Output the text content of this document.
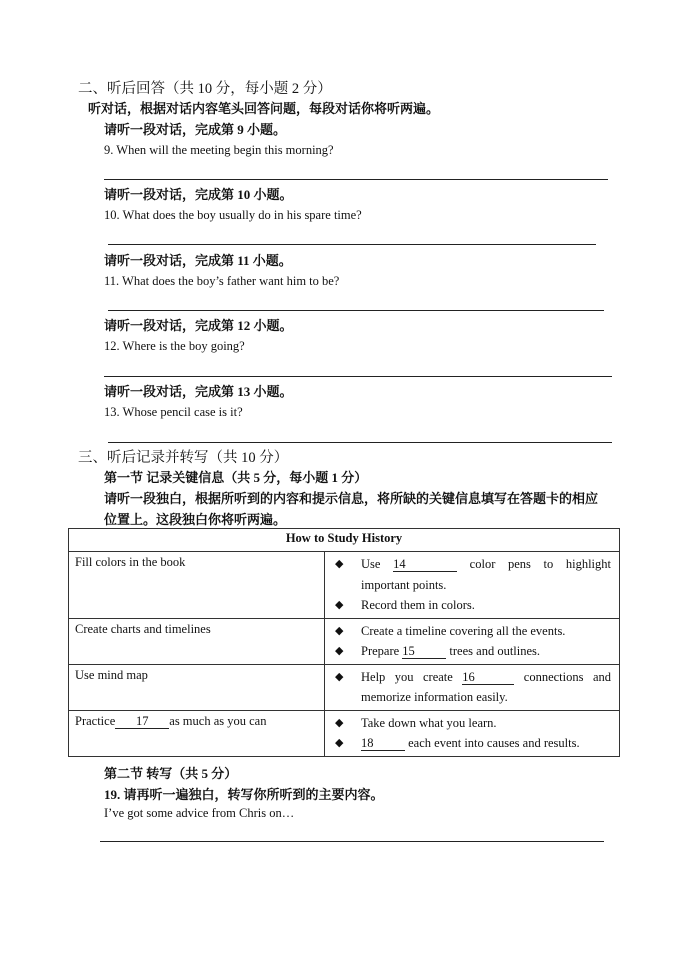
二、听后回答（共 10 分，每小题 2 分）
听对话，根据对话内容笔头回答问题，每段对话你将听两遍。
请听一段对话，完成第 9 小题。
9. When will the meeting begin this morning?
请听一段对话，完成第 10 小题。
10. What does the boy usually do in his spare time?
请听一段对话，完成第 11 小题。
11. What does the boy’s father want him to be?
请听一段对话，完成第 12 小题。
12. Where is the boy going?
请听一段对话，完成第 13 小题。
13. Whose pencil case is it?
三、听后记录并转写（共 10 分）
第一节 记录关键信息（共 5 分，每小题 1 分）
请听一段独白，根据所听到的内容和提示信息，将所缺的关键信息填写在答题卡的相应
位置上。这段独白你将听两遍。
How to Study History	
Fill colors in the book	◆ Use 14 color pens to highlight important points.
◆ Record them in colors.

Create charts and timelines	◆ Create a timeline covering all the events.
◆ Prepare 15 trees and outlines.

Use mind map	◆ Help you create 16 connections and memorize information easily.

Practice 17 as much as you can	◆ Take down what you learn.
◆ 18 each event into causes and results.
第二节 转写（共 5 分）
19. 请再听一遍独白，转写你所听到的主要内容。
I’ve got some advice from Chris on…
